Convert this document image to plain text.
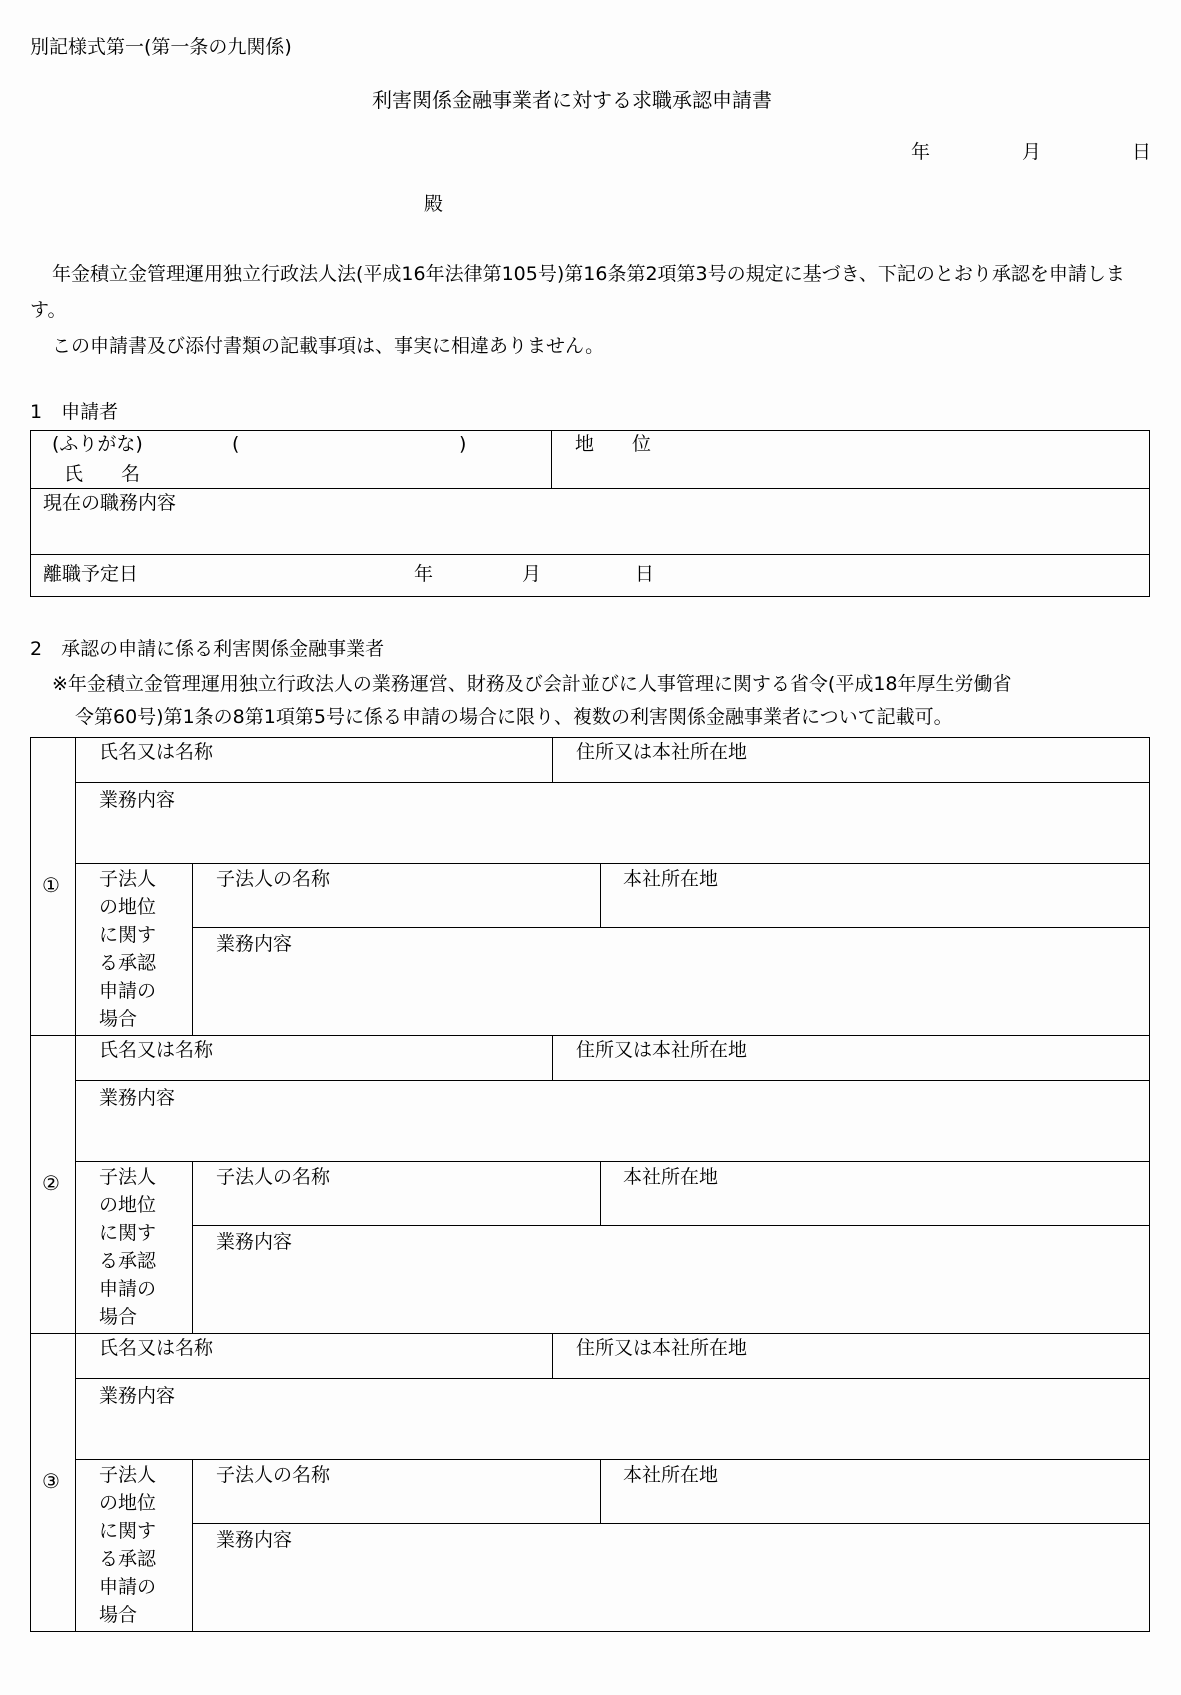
別記様式第一(第一条の九関係)
利害関係金融事業者に対する求職承認申請書
年	月	日
殿
年金積立金管理運用独立行政法人法(平成16年法律第105号)第16条第2項第3号の規定に基づき、下記のとおり承認を申請します。
この申請書及び添付書類の記載事項は、事実に相違ありません。
1　申請者
(ふりがな)	(	)
氏　　名
地　　位
現在の職務内容
離職予定日	年	月	日
2　承認の申請に係る利害関係金融事業者
※年金積立金管理運用独立行政法人の業務運営、財務及び会計並びに人事管理に関する省令(平成18年厚生労働省
令第60号)第1条の8第1項第5号に係る申請の場合に限り、複数の利害関係金融事業者について記載可。
①
氏名又は名称	住所又は本社所在地
業務内容
子法人の地位に関する承認申請の場合
子法人の名称	本社所在地
業務内容
②
氏名又は名称	住所又は本社所在地
業務内容
子法人の地位に関する承認申請の場合
子法人の名称	本社所在地
業務内容
③
氏名又は名称	住所又は本社所在地
業務内容
子法人の地位に関する承認申請の場合
子法人の名称	本社所在地
業務内容
